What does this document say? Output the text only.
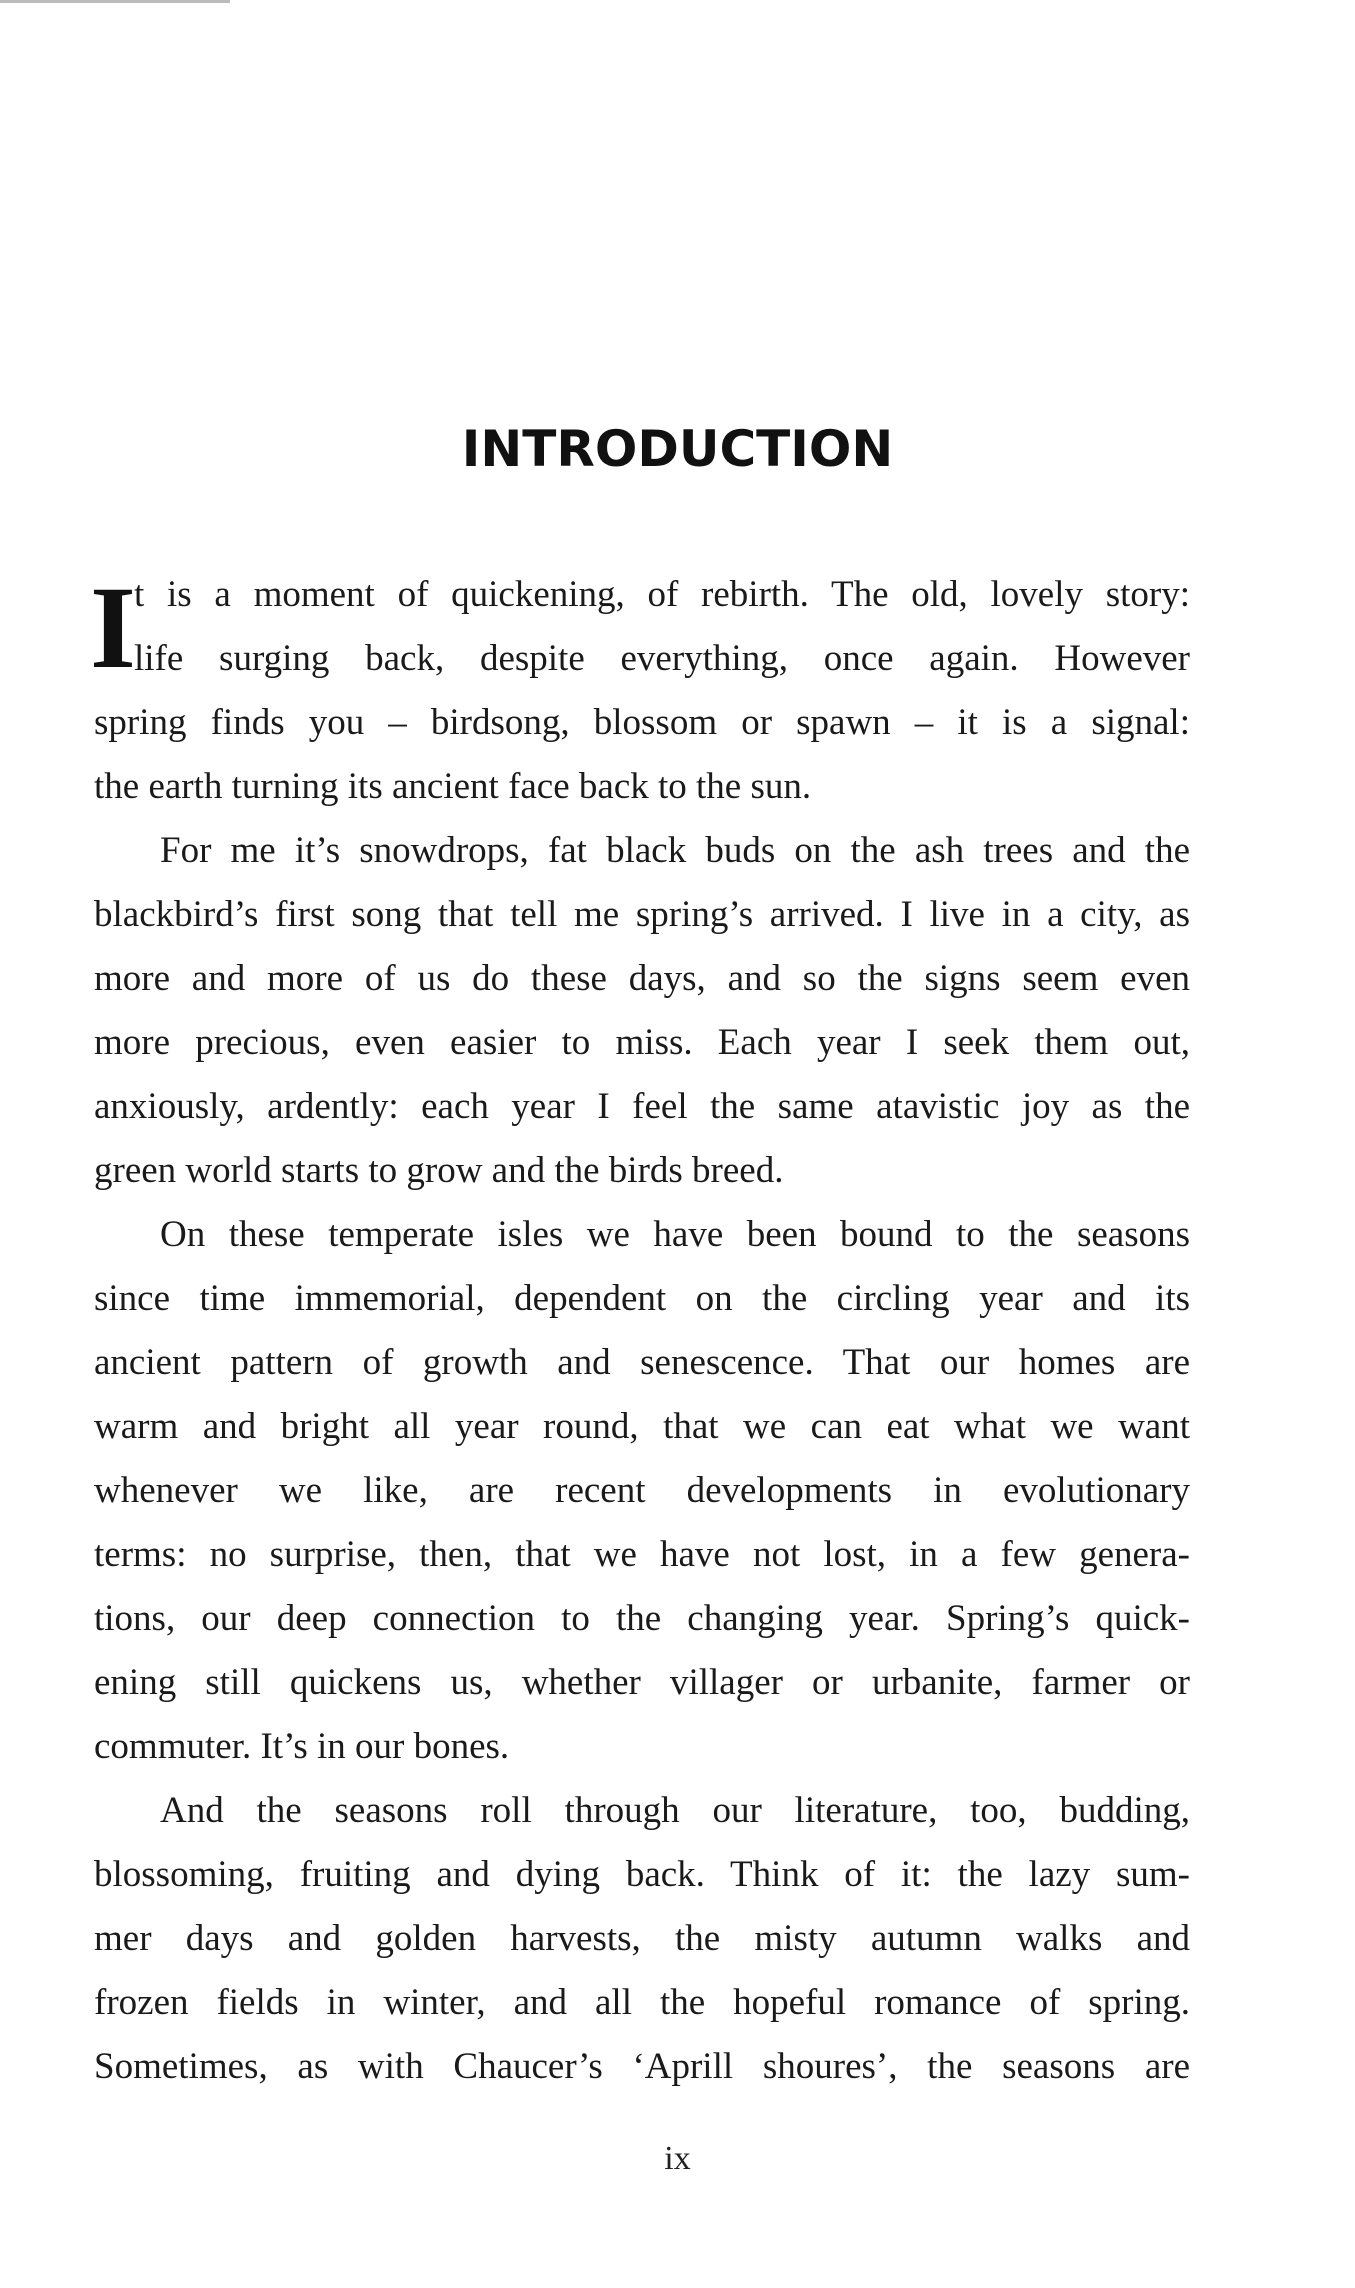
INTRODUCTION
I
t is a moment of quickening, of rebirth. The old, lovely story:
life surging back, despite everything, once again. However
spring finds you – birdsong, blossom or spawn – it is a signal:
the earth turning its ancient face back to the sun.
For me it’s snowdrops, fat black buds on the ash trees and the
blackbird’s first song that tell me spring’s arrived. I live in a city, as
more and more of us do these days, and so the signs seem even
more precious, even easier to miss. Each year I seek them out,
anxiously, ardently: each year I feel the same atavistic joy as the
green world starts to grow and the birds breed.
On these temperate isles we have been bound to the seasons
since time immemorial, dependent on the circling year and its
ancient pattern of growth and senescence. That our homes are
warm and bright all year round, that we can eat what we want
whenever we like, are recent developments in evolutionary
terms: no surprise, then, that we have not lost, in a few genera-
tions, our deep connection to the changing year. Spring’s quick-
ening still quickens us, whether villager or urbanite, farmer or
commuter. It’s in our bones.
And the seasons roll through our literature, too, budding,
blossoming, fruiting and dying back. Think of it: the lazy sum-
mer days and golden harvests, the misty autumn walks and
frozen fields in winter, and all the hopeful romance of spring.
Sometimes, as with Chaucer’s ‘Aprill shoures’, the seasons are
ix
